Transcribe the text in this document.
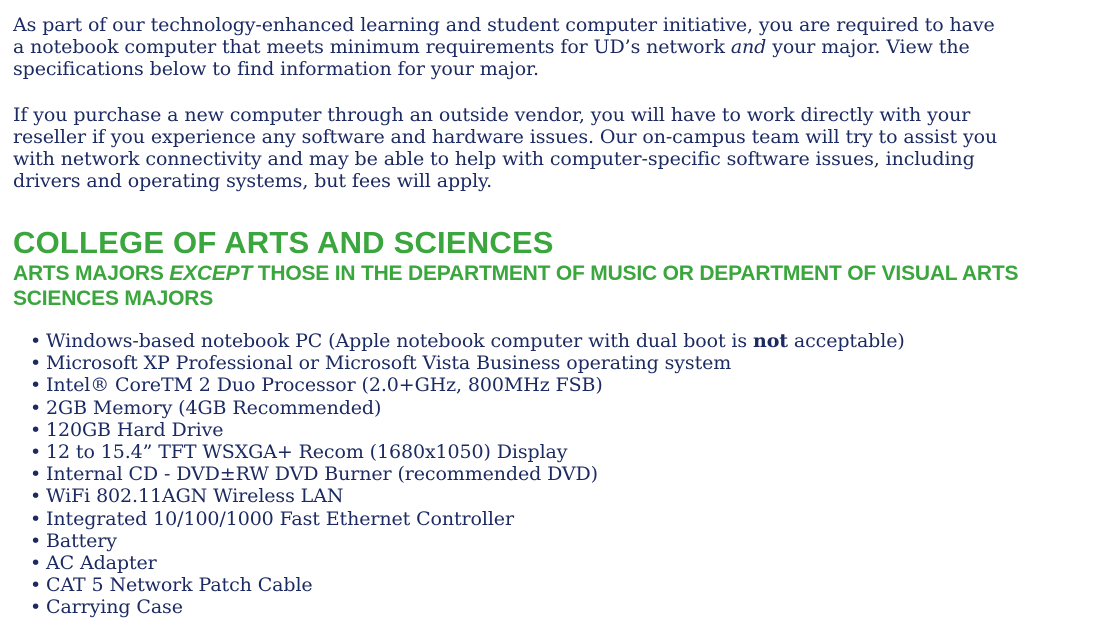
As part of our technology-enhanced learning and student computer initiative, you are required to have
a notebook computer that meets minimum requirements for UD’s network and your major. View the
specifications below to find information for your major.

If you purchase a new computer through an outside vendor, you will have to work directly with your
reseller if you experience any software and hardware issues. Our on-campus team will try to assist you
with network connectivity and may be able to help with computer-specific software issues, including
drivers and operating systems, but fees will apply.

COLLEGE OF ARTS AND SCIENCES
ARTS MAJORS EXCEPT THOSE IN THE DEPARTMENT OF MUSIC OR DEPARTMENT OF VISUAL ARTS
SCIENCES MAJORS
• Windows-based notebook PC (Apple notebook computer with dual boot is not acceptable)
• Microsoft XP Professional or Microsoft Vista Business operating system
• Intel® CoreTM 2 Duo Processor (2.0+GHz, 800MHz FSB)
• 2GB Memory (4GB Recommended)
• 120GB Hard Drive
• 12 to 15.4” TFT WSXGA+ Recom (1680x1050) Display
• Internal CD - DVD±RW DVD Burner (recommended DVD)
• WiFi 802.11AGN Wireless LAN
• Integrated 10/100/1000 Fast Ethernet Controller
• Battery
• AC Adapter
• CAT 5 Network Patch Cable
• Carrying Case
